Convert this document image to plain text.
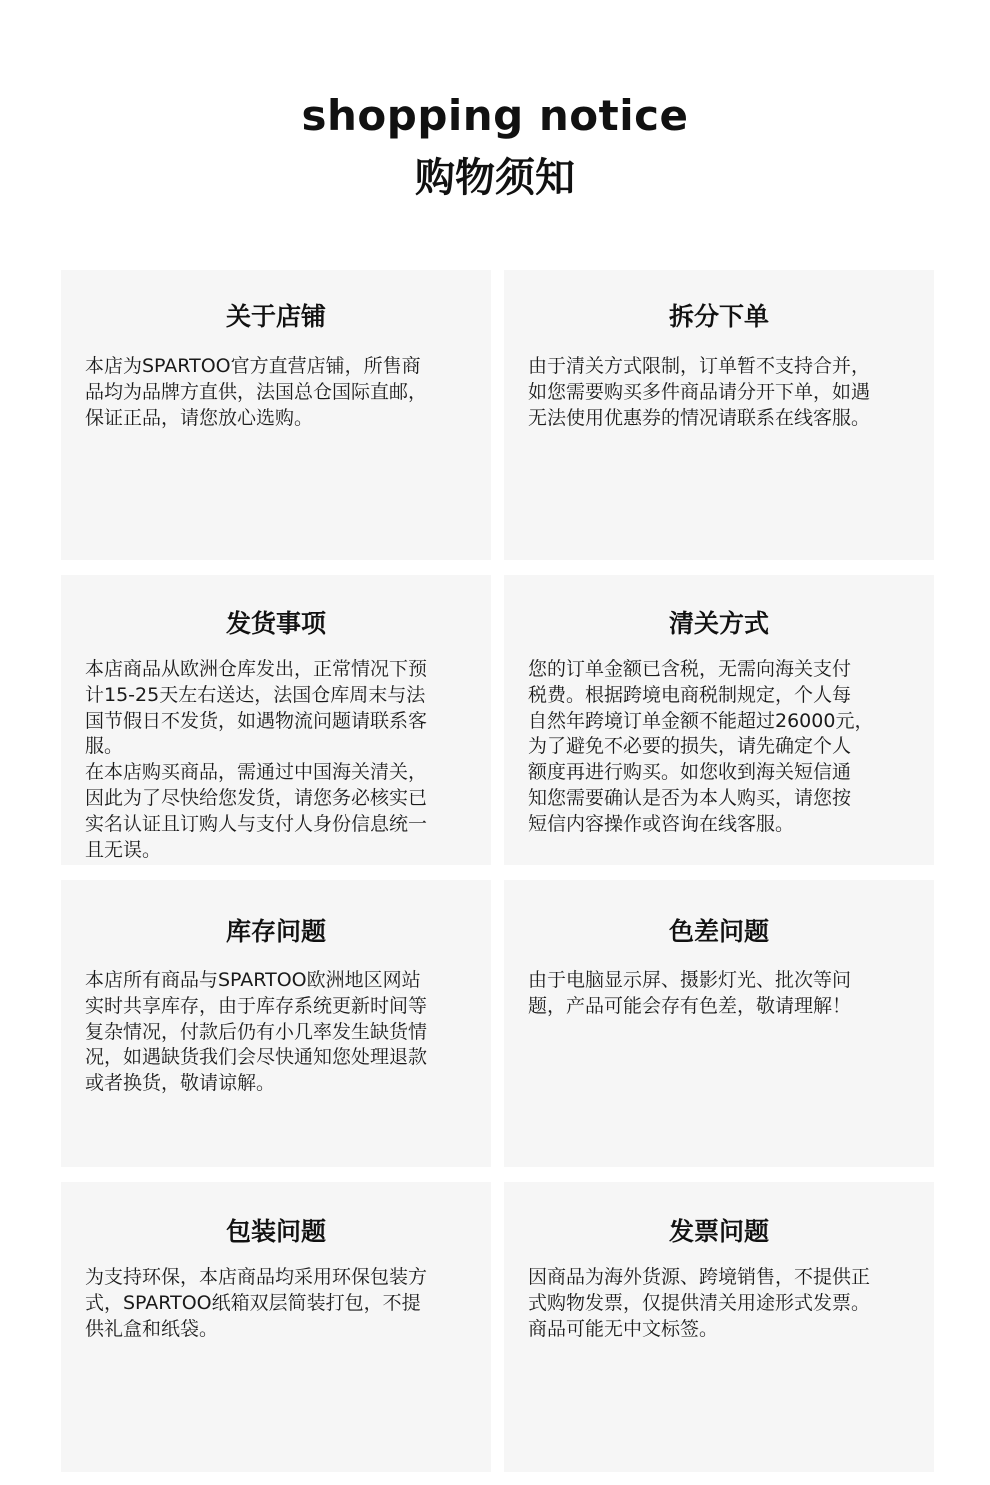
shopping notice
购物须知
关于店铺
本店为SPARTOO官方直营店铺，所售商
品均为品牌方直供，法国总仓国际直邮，
保证正品，请您放心选购。
拆分下单
由于清关方式限制，订单暂不支持合并，
如您需要购买多件商品请分开下单，如遇
无法使用优惠券的情况请联系在线客服。
发货事项
本店商品从欧洲仓库发出，正常情况下预
计15-25天左右送达，法国仓库周末与法
国节假日不发货，如遇物流问题请联系客
服。
在本店购买商品，需通过中国海关清关，
因此为了尽快给您发货，请您务必核实已
实名认证且订购人与支付人身份信息统一
且无误。
清关方式
您的订单金额已含税，无需向海关支付
税费。根据跨境电商税制规定，个人每
自然年跨境订单金额不能超过26000元，
为了避免不必要的损失，请先确定个人
额度再进行购买。如您收到海关短信通
知您需要确认是否为本人购买，请您按
短信内容操作或咨询在线客服。
库存问题
本店所有商品与SPARTOO欧洲地区网站
实时共享库存，由于库存系统更新时间等
复杂情况，付款后仍有小几率发生缺货情
况，如遇缺货我们会尽快通知您处理退款
或者换货，敬请谅解。
色差问题
由于电脑显示屏、摄影灯光、批次等问
题，产品可能会存有色差，敬请理解！
包装问题
为支持环保，本店商品均采用环保包装方
式，SPARTOO纸箱双层简装打包，不提
供礼盒和纸袋。
发票问题
因商品为海外货源、跨境销售，不提供正
式购物发票，仅提供清关用途形式发票。
商品可能无中文标签。
